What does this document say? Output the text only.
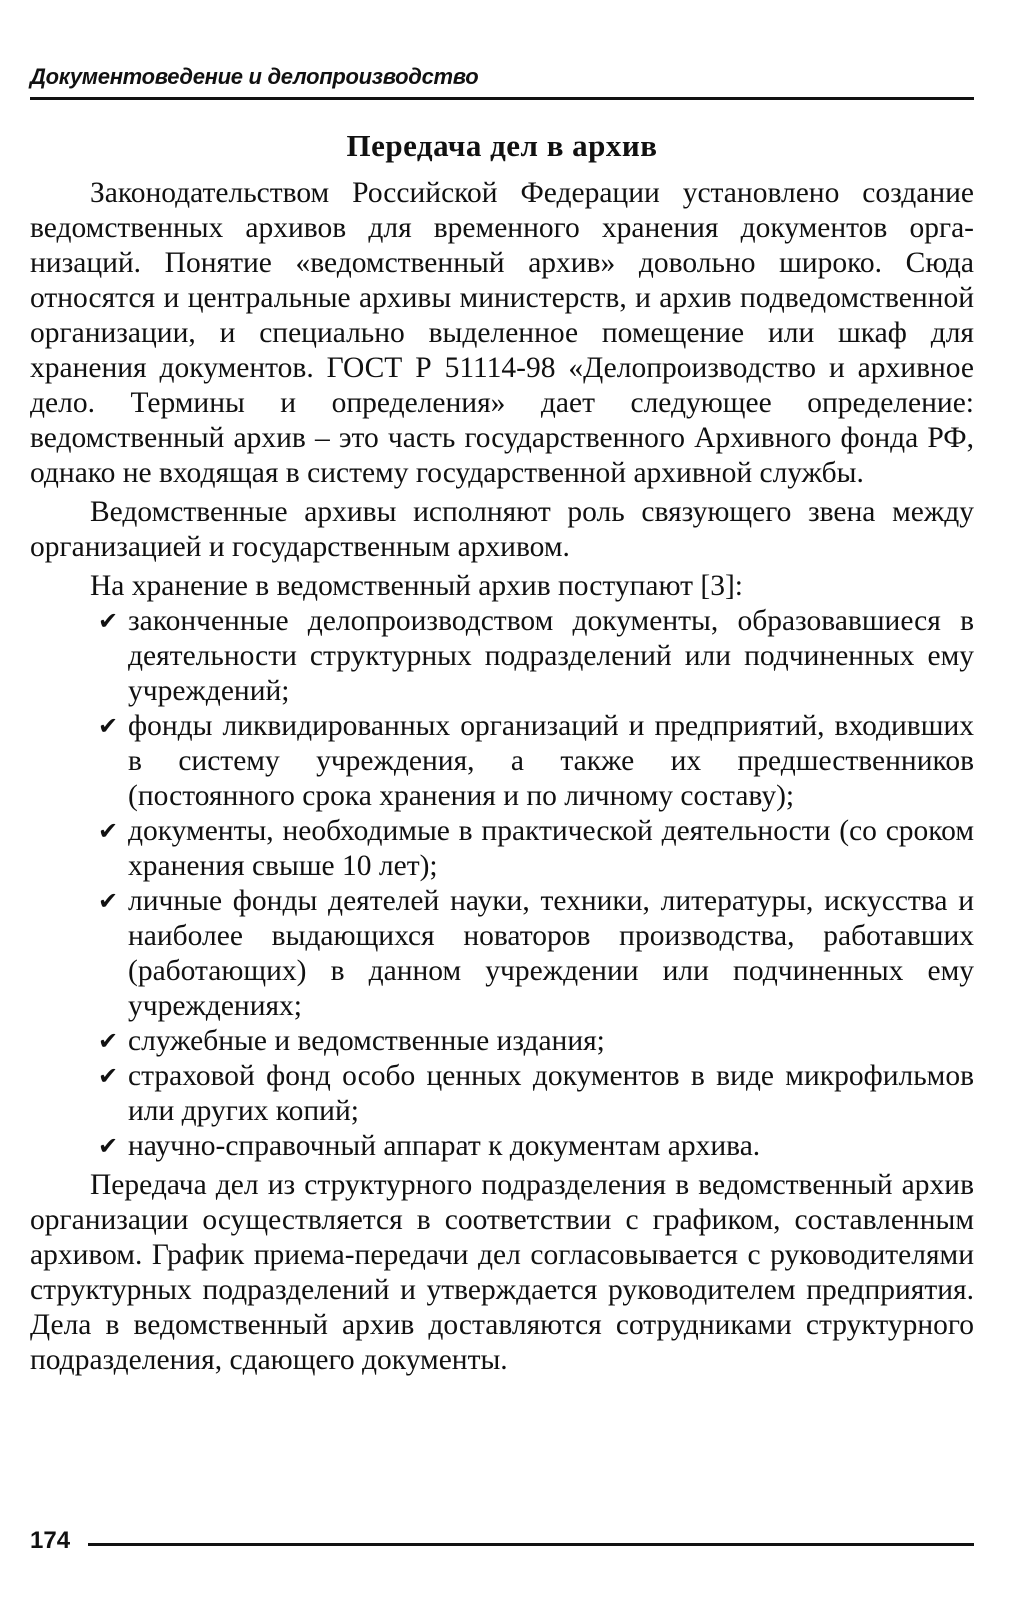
Документоведение и делопроизводство
Передача дел в архив

Законодательством Российской Федерации установлено создание ведомственных архивов для временного хранения документов организаций. Понятие «ведомственный архив» довольно широко. Сюда относятся и центральные архивы министерств, и архив подведомственной организации, и специально выделенное помещение или шкаф для хранения документов. ГОСТ Р 51114-98 «Делопроизводство и архивное дело. Термины и определения» дает следующее определение: ведомственный архив – это часть государственного Архивного фонда РФ, однако не входящая в систему государственной архивной службы.

Ведомственные архивы исполняют роль связующего звена между организацией и государственным архивом.

На хранение в ведомственный архив поступают [3]:

✔ законченные делопроизводством документы, образовавшиеся в деятельности структурных подразделений или подчиненных ему учреждений;
✔ фонды ликвидированных организаций и предприятий, входивших в систему учреждения, а также их предшественников (постоянного срока хранения и по личному составу);
✔ документы, необходимые в практической деятельности (со сроком хранения свыше 10 лет);
✔ личные фонды деятелей науки, техники, литературы, искусства и наиболее выдающихся новаторов производства, работавших (работающих) в данном учреждении или подчиненных ему учреждениях;
✔ служебные и ведомственные издания;
✔ страховой фонд особо ценных документов в виде микрофильмов или других копий;
✔ научно-справочный аппарат к документам архива.

Передача дел из структурного подразделения в ведомственный архив организации осуществляется в соответствии с графиком, составленным архивом. График приема-передачи дел согласовывается с руководителями структурных подразделений и утверждается руководителем предприятия. Дела в ведомственный архив доставляются сотрудниками структурного подразделения, сдающего документы.

174
